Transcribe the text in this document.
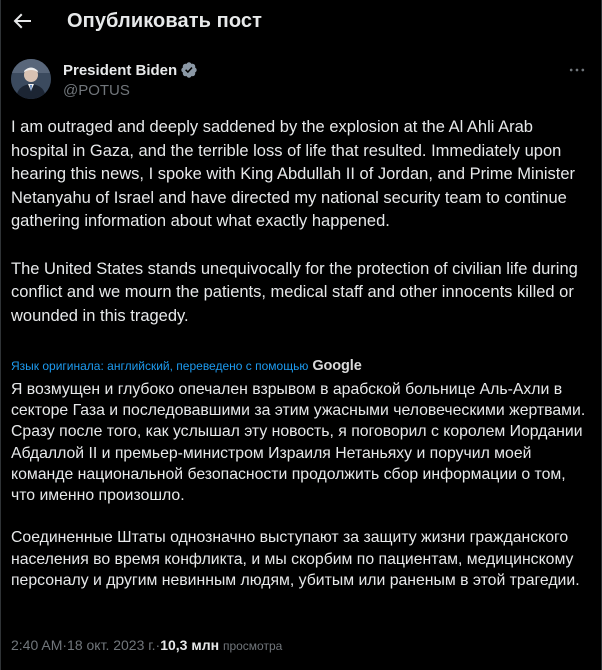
Опубликовать пост
President Biden
@POTUS
I am outraged and deeply saddened by the explosion at the Al Ahli Arab hospital in Gaza, and the terrible loss of life that resulted. Immediately upon hearing this news, I spoke with King Abdullah II of Jordan, and Prime Minister Netanyahu of Israel and have directed my national security team to continue gathering information about what exactly happened.

The United States stands unequivocally for the protection of civilian life during conflict and we mourn the patients, medical staff and other innocents killed or wounded in this tragedy.
Язык оригинала: английский, переведено с помощью Google
Я возмущен и глубоко опечален взрывом в арабской больнице Аль-Ахли в секторе Газа и последовавшими за этим ужасными человеческими жертвами. Сразу после того, как услышал эту новость, я поговорил с королем Иордании Абдаллой II и премьер-министром Израиля Нетаньяху и поручил моей команде национальной безопасности продолжить сбор информации о том, что именно произошло.

Соединенные Штаты однозначно выступают за защиту жизни гражданского населения во время конфликта, и мы скорбим по пациентам, медицинскому персоналу и другим невинным людям, убитым или раненым в этой трагедии.
2:40 AM · 18 окт. 2023 г. · 10,3 млн
просмотра
